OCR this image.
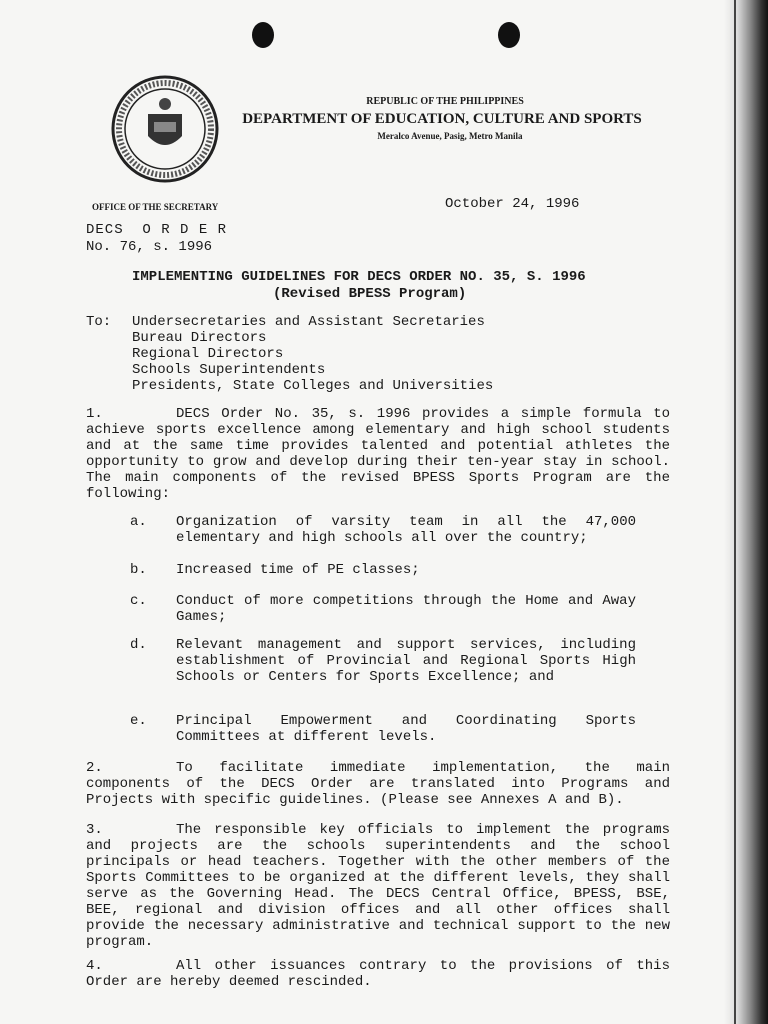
REPUBLIC OF THE PHILIPPINES
DEPARTMENT OF EDUCATION, CULTURE AND SPORTS
Meralco Avenue, Pasig, Metro Manila
OFFICE OF THE SECRETARY	October 24, 1996
DECS  O R D E R
No. 76, s. 1996
IMPLEMENTING GUIDELINES FOR DECS ORDER NO. 35, S. 1996
(Revised BPESS Program)
To: Undersecretaries and Assistant Secretaries
Bureau Directors
Regional Directors
Schools Superintendents
Presidents, State Colleges and Universities
1.	DECS Order No. 35, s. 1996 provides a simple formula to achieve sports excellence among elementary and high school students and at the same time provides talented and potential athletes the opportunity to grow and develop during their ten-year stay in school. The main components of the revised BPESS Sports Program are the following:
a.	Organization of varsity team in all the 47,000 elementary and high schools all over the country;
b.	Increased time of PE classes;
c.	Conduct of more competitions through the Home and Away Games;
d.	Relevant management and support services, including establishment of Provincial and Regional Sports High Schools or Centers for Sports Excellence; and
e.	Principal Empowerment and Coordinating Sports Committees at different levels.
2.	To facilitate immediate implementation, the main components of the DECS Order are translated into Programs and Projects with specific guidelines. (Please see Annexes A and B).
3.	The responsible key officials to implement the programs and projects are the schools superintendents and the school principals or head teachers. Together with the other members of the Sports Committees to be organized at the different levels, they shall serve as the Governing Head. The DECS Central Office, BPESS, BSE, BEE, regional and division offices and all other offices shall provide the necessary administrative and technical support to the new program.
4.	All other issuances contrary to the provisions of this Order are hereby deemed rescinded.
